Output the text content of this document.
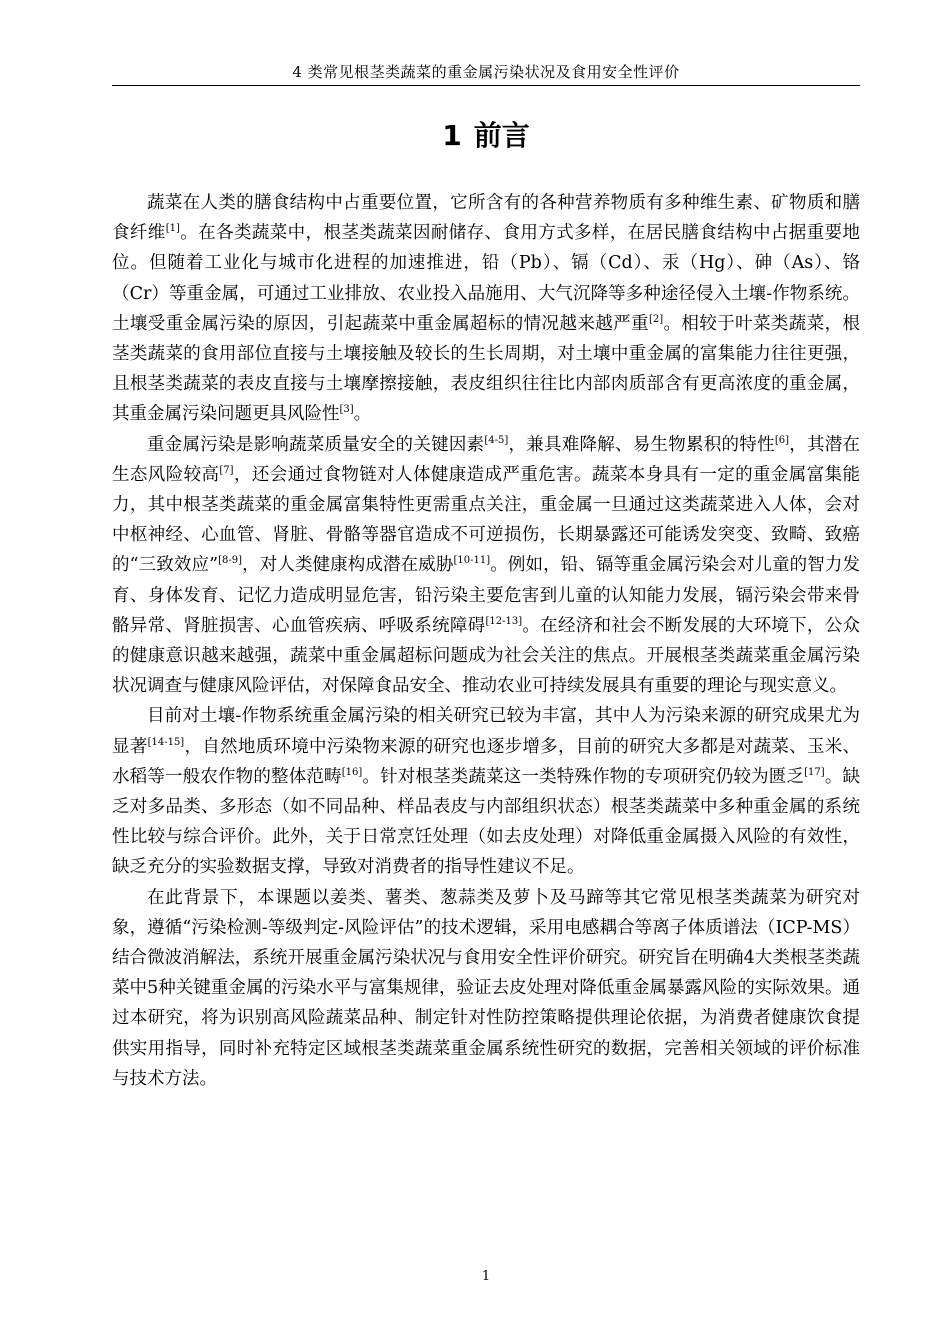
4 类常见根茎类蔬菜的重金属污染状况及食用安全性评价
1 前言

蔬菜在人类的膳食结构中占重要位置，它所含有的各种营养物质有多种维生素、矿物质和膳食纤维[1]。在各类蔬菜中，根茎类蔬菜因耐储存、食用方式多样，在居民膳食结构中占据重要地位。但随着工业化与城市化进程的加速推进，铅（Pb）、镉（Cd）、汞（Hg）、砷（As）、铬（Cr）等重金属，可通过工业排放、农业投入品施用、大气沉降等多种途径侵入土壤-作物系统。土壤受重金属污染的原因，引起蔬菜中重金属超标的情况越来越严重[2]。相较于叶菜类蔬菜，根茎类蔬菜的食用部位直接与土壤接触及较长的生长周期，对土壤中重金属的富集能力往往更强，且根茎类蔬菜的表皮直接与土壤摩擦接触，表皮组织往往比内部肉质部含有更高浓度的重金属，其重金属污染问题更具风险性[3]。

重金属污染是影响蔬菜质量安全的关键因素[4-5]，兼具难降解、易生物累积的特性[6]，其潜在生态风险较高[7]，还会通过食物链对人体健康造成严重危害。蔬菜本身具有一定的重金属富集能力，其中根茎类蔬菜的重金属富集特性更需重点关注，重金属一旦通过这类蔬菜进入人体，会对中枢神经、心血管、肾脏、骨骼等器官造成不可逆损伤，长期暴露还可能诱发突变、致畸、致癌的“三致效应”[8-9]，对人类健康构成潜在威胁[10-11]。例如，铅、镉等重金属污染会对儿童的智力发育、身体发育、记忆力造成明显危害，铅污染主要危害到儿童的认知能力发展，镉污染会带来骨骼异常、肾脏损害、心血管疾病、呼吸系统障碍[12-13]。在经济和社会不断发展的大环境下，公众的健康意识越来越强，蔬菜中重金属超标问题成为社会关注的焦点。开展根茎类蔬菜重金属污染状况调查与健康风险评估，对保障食品安全、推动农业可持续发展具有重要的理论与现实意义。

目前对土壤-作物系统重金属污染的相关研究已较为丰富，其中人为污染来源的研究成果尤为显著[14-15]，自然地质环境中污染物来源的研究也逐步增多，目前的研究大多都是对蔬菜、玉米、水稻等一般农作物的整体范畴[16]。针对根茎类蔬菜这一类特殊作物的专项研究仍较为匮乏[17]。缺乏对多品类、多形态（如不同品种、样品表皮与内部组织状态）根茎类蔬菜中多种重金属的系统性比较与综合评价。此外，关于日常烹饪处理（如去皮处理）对降低重金属摄入风险的有效性，缺乏充分的实验数据支撑，导致对消费者的指导性建议不足。

在此背景下，本课题以姜类、薯类、葱蒜类及萝卜及马蹄等其它常见根茎类蔬菜为研究对象，遵循“污染检测-等级判定-风险评估”的技术逻辑，采用电感耦合等离子体质谱法（ICP-MS）结合微波消解法，系统开展重金属污染状况与食用安全性评价研究。研究旨在明确4大类根茎类蔬菜中5种关键重金属的污染水平与富集规律，验证去皮处理对降低重金属暴露风险的实际效果。通过本研究，将为识别高风险蔬菜品种、制定针对性防控策略提供理论依据，为消费者健康饮食提供实用指导，同时补充特定区域根茎类蔬菜重金属系统性研究的数据，完善相关领域的评价标准与技术方法。

1
